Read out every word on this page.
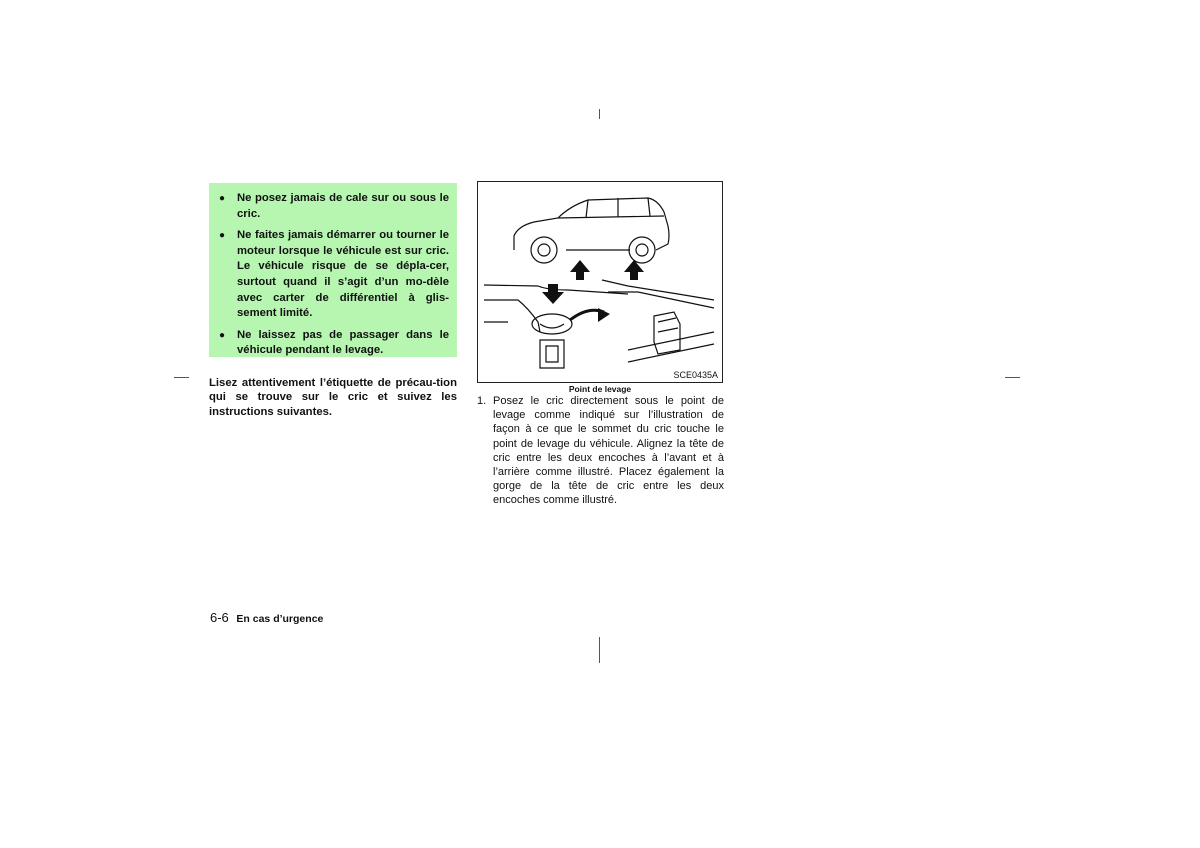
●	Ne posez jamais de cale sur ou sous le cric.
●	Ne faites jamais démarrer ou tourner le moteur lorsque le véhicule est sur cric. Le véhicule risque de se dépla-cer, surtout quand il s’agit d’un mo-dèle avec carter de différentiel à glis-sement limité.
●	Ne laissez pas de passager dans le véhicule pendant le levage.
Lisez attentivement l’étiquette de précau-tion qui se trouve sur le cric et suivez les instructions suivantes.
SCE0435A
Point de levage
1. Posez le cric directement sous le point de levage comme indiqué sur l’illustration de façon à ce que le sommet du cric touche le point de levage du véhicule. Alignez la tête de cric entre les deux encoches à l’avant et à l’arrière comme illustré. Placez également la gorge de la tête de cric entre les deux encoches comme illustré.
6-6 En cas d’urgence
